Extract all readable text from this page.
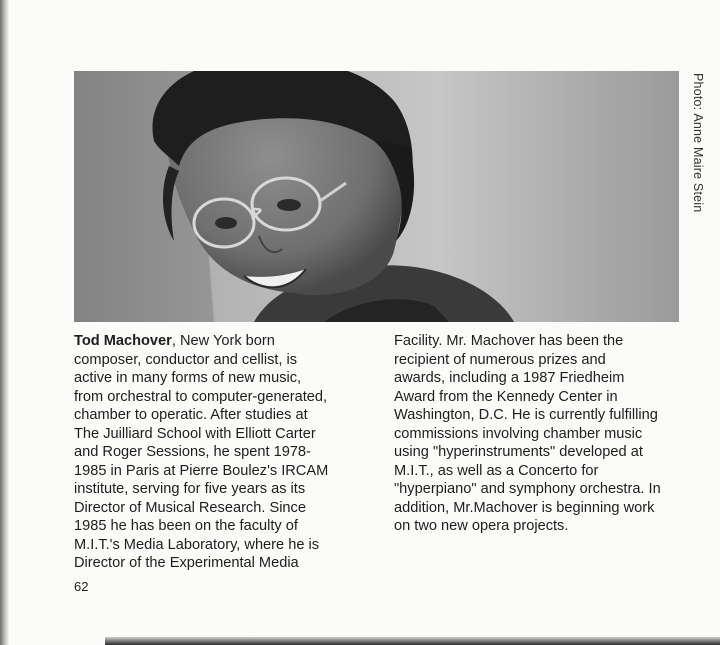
Photo: Anne Maire Stein
Tod Machover, New York born
composer, conductor and cellist, is
active in many forms of new music,
from orchestral to computer-generated,
chamber to operatic. After studies at
The Juilliard School with Elliott Carter
and Roger Sessions, he spent 1978-
1985 in Paris at Pierre Boulez's IRCAM
institute, serving for five years as its
Director of Musical Research. Since
1985 he has been on the faculty of
M.I.T.'s Media Laboratory, where he is
Director of the Experimental Media
Facility. Mr. Machover has been the
recipient of numerous prizes and
awards, including a 1987 Friedheim
Award from the Kennedy Center in
Washington, D.C. He is currently fulfilling
commissions involving chamber music
using "hyperinstruments" developed at
M.I.T., as well as a Concerto for
"hyperpiano" and symphony orchestra. In
addition, Mr.Machover is beginning work
on two new opera projects.
62
